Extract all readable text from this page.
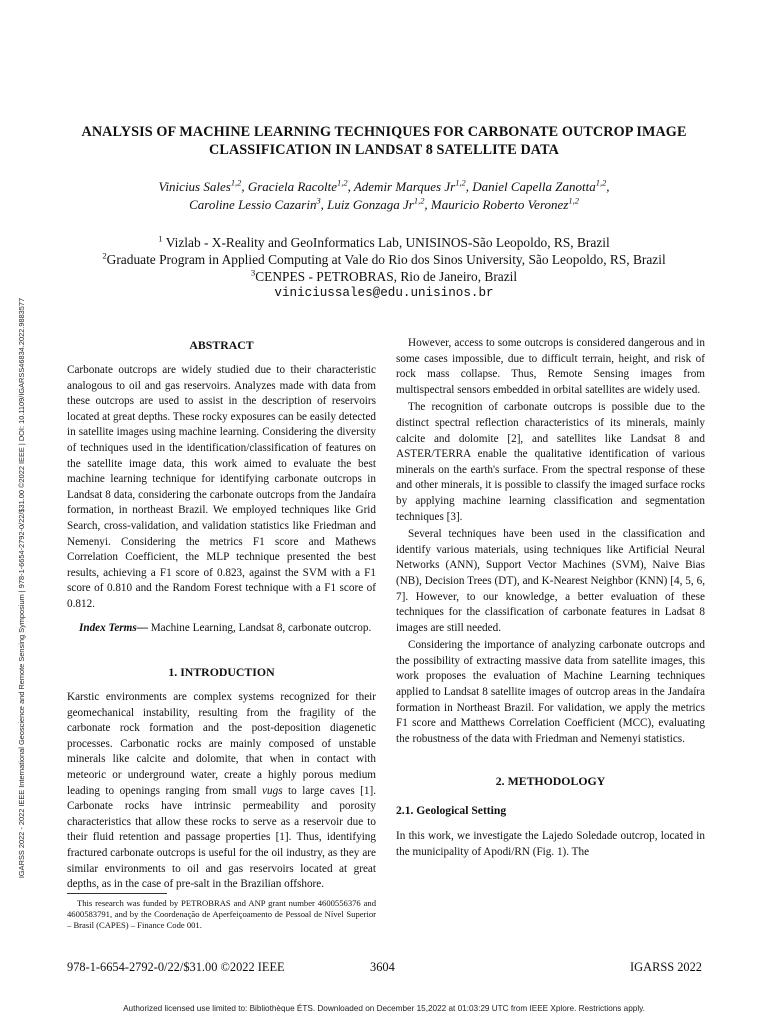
IGARSS 2022 - 2022 IEEE International Geoscience and Remote Sensing Symposium | 978-1-6654-2792-0/22/$31.00 ©2022 IEEE | DOI: 10.1109/IGARSS46834.2022.9883577
ANALYSIS OF MACHINE LEARNING TECHNIQUES FOR CARBONATE OUTCROP IMAGE
CLASSIFICATION IN LANDSAT 8 SATELLITE DATA
Vinicius Sales$^{1,2}$, Graciela Racolte$^{1,2}$, Ademir Marques Jr$^{1,2}$, Daniel Capella Zanotta$^{1,2}$,
Caroline Lessio Cazarin$^3$, Luiz Gonzaga Jr$^{1,2}$, Mauricio Roberto Veronez$^{1,2}$
$^1$ Vizlab - X-Reality and GeoInformatics Lab, UNISINOS-São Leopoldo, RS, Brazil
$^2$Graduate Program in Applied Computing at Vale do Rio dos Sinos University, São Leopoldo, RS, Brazil
$^3$CENPES - PETROBRAS, Rio de Janeiro, Brazil
viniciussales@edu.unisinos.br
ABSTRACT

Carbonate outcrops are widely studied due to their characteristic analogous to oil and gas reservoirs. Analyzes made with data from these outcrops are used to assist in the description of reservoirs located at great depths. These rocky exposures can be easily detected in satellite images using machine learning. Considering the diversity of techniques used in the identification/classification of features on the satellite image data, this work aimed to evaluate the best machine learning technique for identifying carbonate outcrops in Landsat 8 data, considering the carbonate outcrops from the Jandaíra formation, in northeast Brazil. We employed techniques like Grid Search, cross-validation, and validation statistics like Friedman and Nemenyi. Considering the metrics F1 score and Mathews Correlation Coefficient, the MLP technique presented the best results, achieving a F1 score of 0.823, against the SVM with a F1 score of 0.810 and the Random Forest technique with a F1 score of 0.812.

Index Terms— Machine Learning, Landsat 8, carbonate outcrop.

1. INTRODUCTION

Karstic environments are complex systems recognized for their geomechanical instability, resulting from the fragility of the carbonate rock formation and the post-deposition diagenetic processes. Carbonatic rocks are mainly composed of unstable minerals like calcite and dolomite, that when in contact with meteoric or underground water, create a highly porous medium leading to openings ranging from small vugs to large caves [1]. Carbonate rocks have intrinsic permeability and porosity characteristics that allow these rocks to serve as a reservoir due to their fluid retention and passage properties [1]. Thus, identifying fractured carbonate outcrops is useful for the oil industry, as they are similar environments to oil and gas reservoirs located at great depths, as in the case of pre-salt in the Brazilian offshore.

However, access to some outcrops is considered dangerous and in some cases impossible, due to difficult terrain, height, and risk of rock mass collapse. Thus, Remote Sensing images from multispectral sensors embedded in orbital satellites are widely used.

The recognition of carbonate outcrops is possible due to the distinct spectral reflection characteristics of its minerals, mainly calcite and dolomite [2], and satellites like Landsat 8 and ASTER/TERRA enable the qualitative identification of various minerals on the earth's surface. From the spectral response of these and other minerals, it is possible to classify the imaged surface rocks by applying machine learning classification and segmentation techniques [3].

Several techniques have been used in the classification and identify various materials, using techniques like Artificial Neural Networks (ANN), Support Vector Machines (SVM), Naive Bias (NB), Decision Trees (DT), and K-Nearest Neighbor (KNN) [4, 5, 6, 7]. However, to our knowledge, a better evaluation of these techniques for the classification of carbonate features in Ladsat 8 images are still needed.

Considering the importance of analyzing carbonate outcrops and the possibility of extracting massive data from satellite images, this work proposes the evaluation of Machine Learning techniques applied to Landsat 8 satellite images of outcrop areas in the Jandaíra formation in Northeast Brazil. For validation, we apply the metrics F1 score and Matthews Correlation Coefficient (MCC), evaluating the robustness of the data with Friedman and Nemenyi statistics.

2. METHODOLOGY
2.1. Geological Setting

In this work, we investigate the Lajedo Soledade outcrop, located in the municipality of Apodi/RN (Fig. 1). The

This research was funded by PETROBRAS and ANP grant number 4600556376 and 4600583791, and by the Coordenação de Aperfeiçoamento de Pessoal de Nível Superior – Brasil (CAPES) – Finance Code 001.

978-1-6654-2792-0/22/$31.00 ©2022 IEEE	3604	IGARSS 2022
Authorized licensed use limited to: Bibliothèque ÉTS. Downloaded on December 15,2022 at 01:03:29 UTC from IEEE Xplore. Restrictions apply.
